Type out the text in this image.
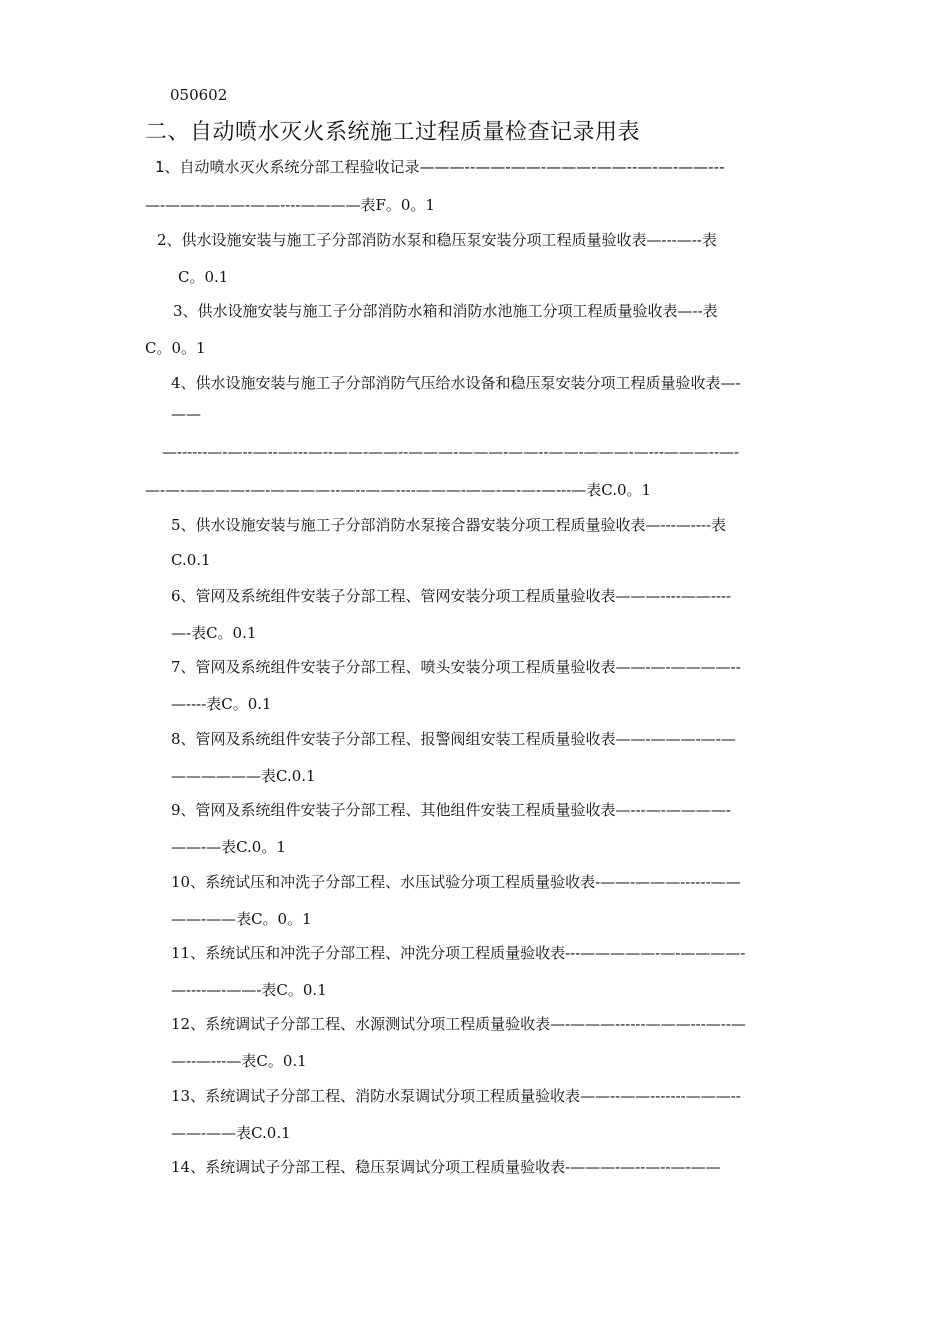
050602
二、自动喷水灭火系统施工过程质量检查记录用表
1、自动喷水灭火系统分部工程验收记录———--——-——-———-——--—-—-——---
—-——-———-——----————表F。0。1
2、供水设施安装与施工子分部消防水泵和稳压泵安装分项工程质量验收表—---—--表
C。0.1
3、供水设施安装与施工子分部消防水箱和消防水池施工分项工程质量验收表—--表
C。0。1
4、供水设施安装与施工子分部消防气压给水设备和稳压泵安装分项工程质量验收表—-
——
—------—-—--—--—---—--——-——--———-———-——--——-———-—---———--—-
—-—-————-—-————--—--——----———-——-—-—-—---—表C.0。1
5、供水设施安装与施工子分部消防水泵接合器安装分项工程质量验收表—---—----表
C.0.1
6、管网及系统组件安装子分部工程、管网安装分项工程质量验收表———----——----
—-表C。0.1
7、管网及系统组件安装子分部工程、喷头安装分项工程质量验收表——-—-————--
—----表C。0.1
8、管网及系统组件安装子分部工程、报警阀组安装工程质量验收表——-———-—-—
——————表C.0.1
9、管网及系统组件安装子分部工程、其他组件安装工程质量验收表—---—-————-
——-—表C.0。1
10、系统试压和冲洗子分部工程、水压试验分项工程质量验收表-——-———------——
——-——表C。0。1
11、系统试压和冲洗子分部工程、冲洗分项工程质量验收表---—————-—-————-
—----—-——-表C。0.1
12、系统调试子分部工程、水源测试分项工程质量验收表—-———------———---—--—
—--—---—表C。0.1
13、系统调试子分部工程、消防水泵调试分项工程质量验收表——--——-------———--
——-——表C.0.1
14、系统调试子分部工程、稳压泵调试分项工程质量验收表-———-—--—--—-——
